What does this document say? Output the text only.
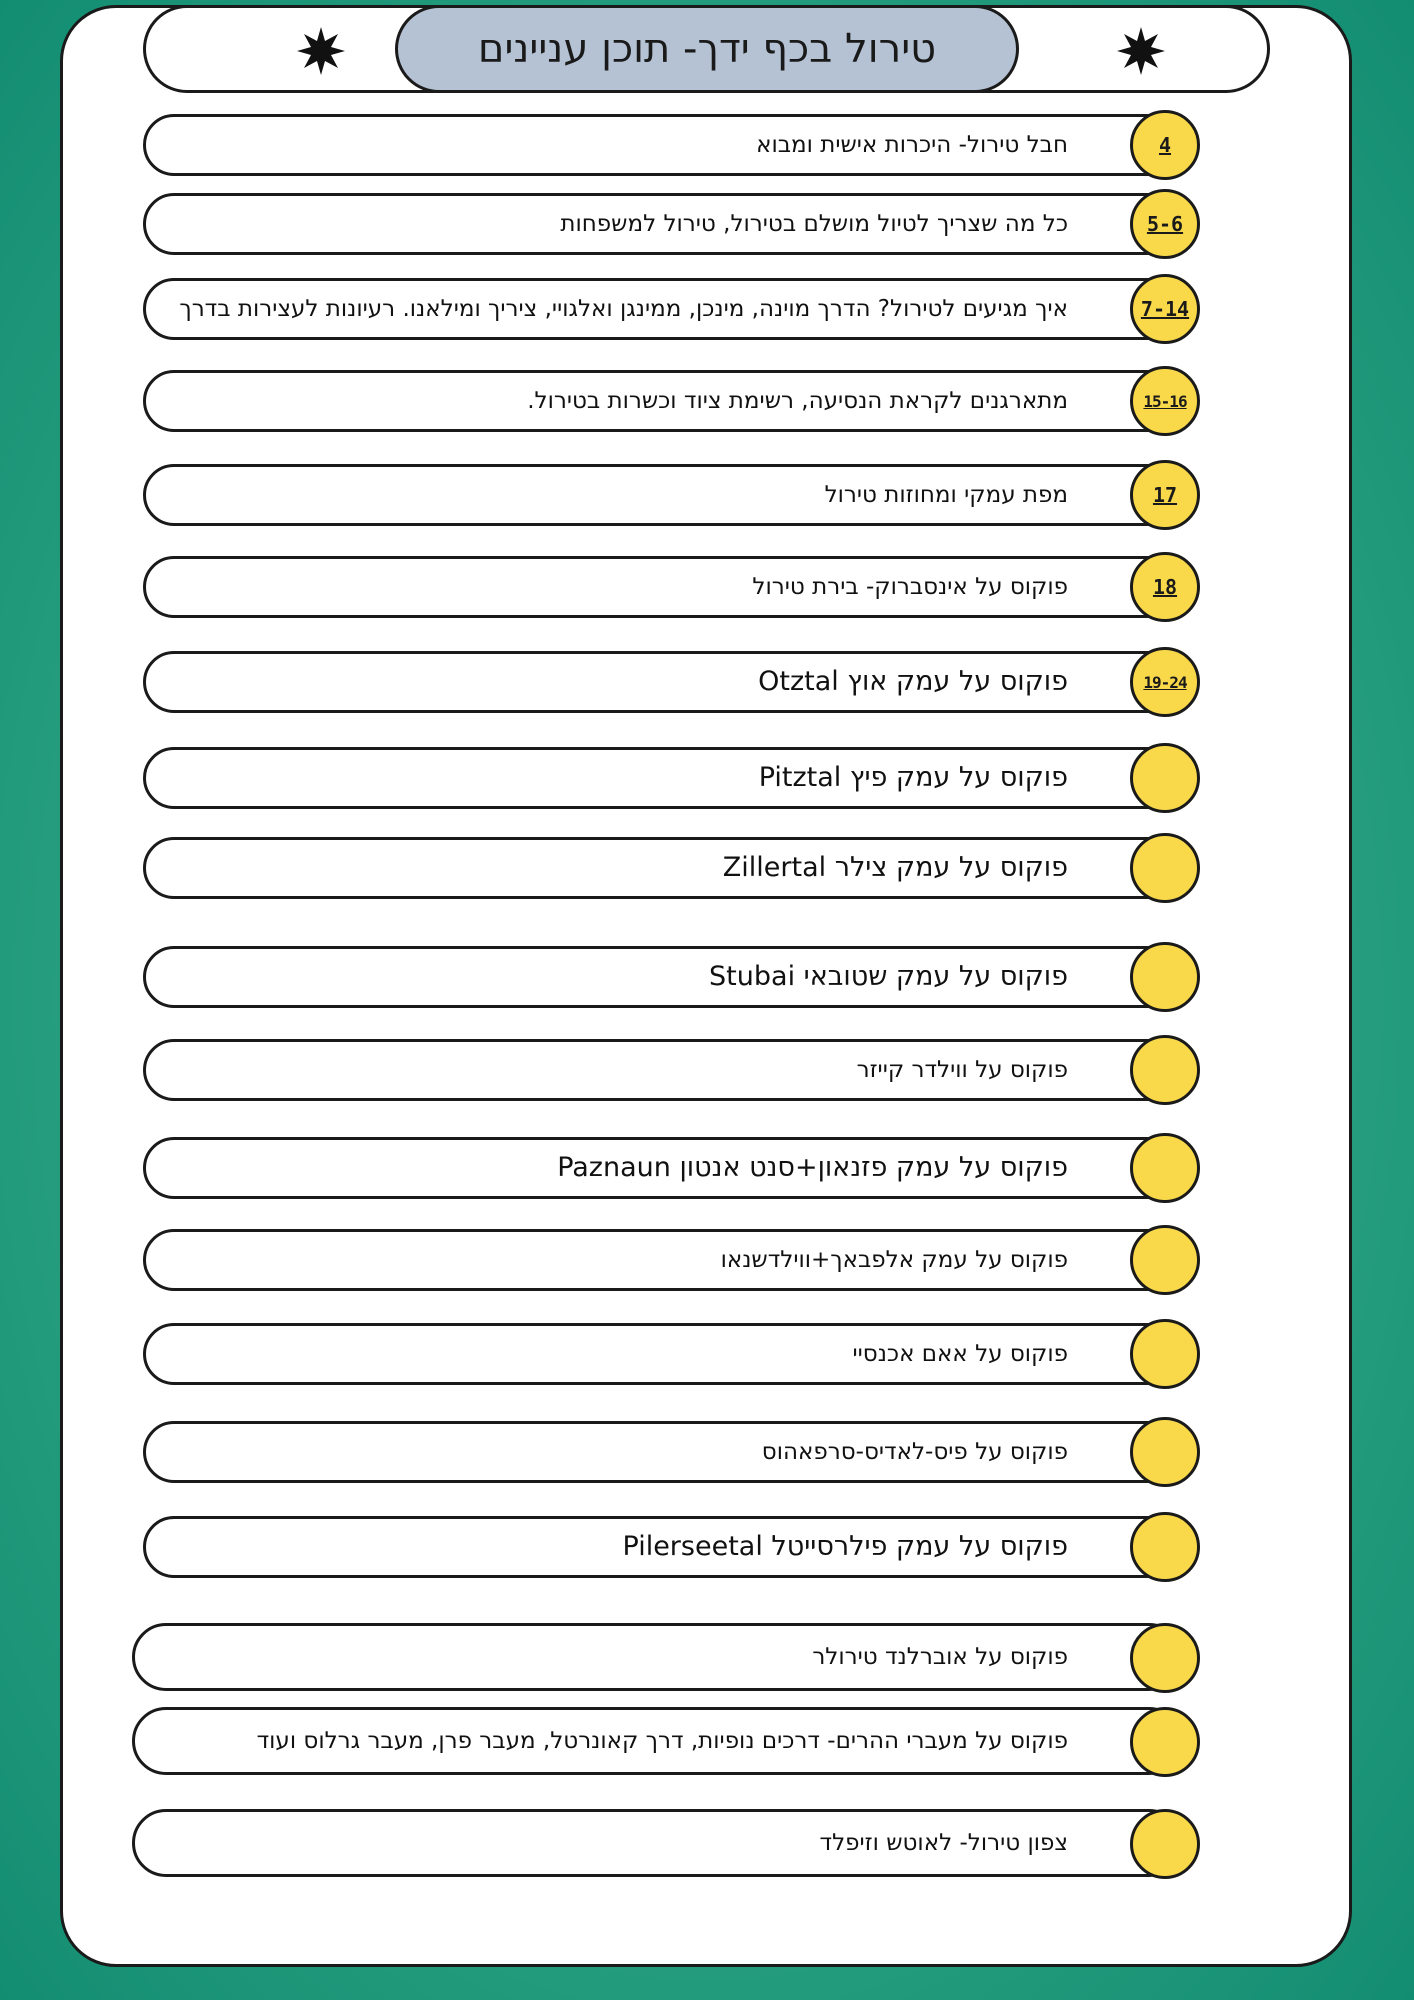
טירול בכף ידך- תוכן עניינים
חבל טירול- היכרות אישית ומבוא	4
כל מה שצריך לטיול מושלם בטירול, טירול למשפחות	5-6
איך מגיעים לטירול? הדרך מוינה, מינכן, ממינגן ואלגויי, ציריך ומילאנו. רעיונות לעצירות בדרך	7-14
מתארגנים לקראת הנסיעה, רשימת ציוד וכשרות בטירול.	15-16
מפת עמקי ומחוזות טירול	17
פוקוס על אינסברוק- בירת טירול	18
פוקוס על עמק אוץ Otztal	19-24
פוקוס על עמק פיץ Pitztal
פוקוס על עמק צילר Zillertal
פוקוס על עמק שטובאי Stubai
פוקוס על ווילדר קייזר
פוקוס על עמק פזנאון+סנט אנטון Paznaun
פוקוס על עמק אלפבאך+ווילדשנאו
פוקוס על אאם אכנסיי
פוקוס על פיס-לאדיס-סרפאהוס
פוקוס על עמק פילרסייטל Pilerseetal
פוקוס על אוברלנד טירולר
פוקוס על מעברי ההרים- דרכים נופיות, דרך קאונרטל, מעבר פרן, מעבר גרלוס ועוד
צפון טירול- לאוטש וזיפלד
